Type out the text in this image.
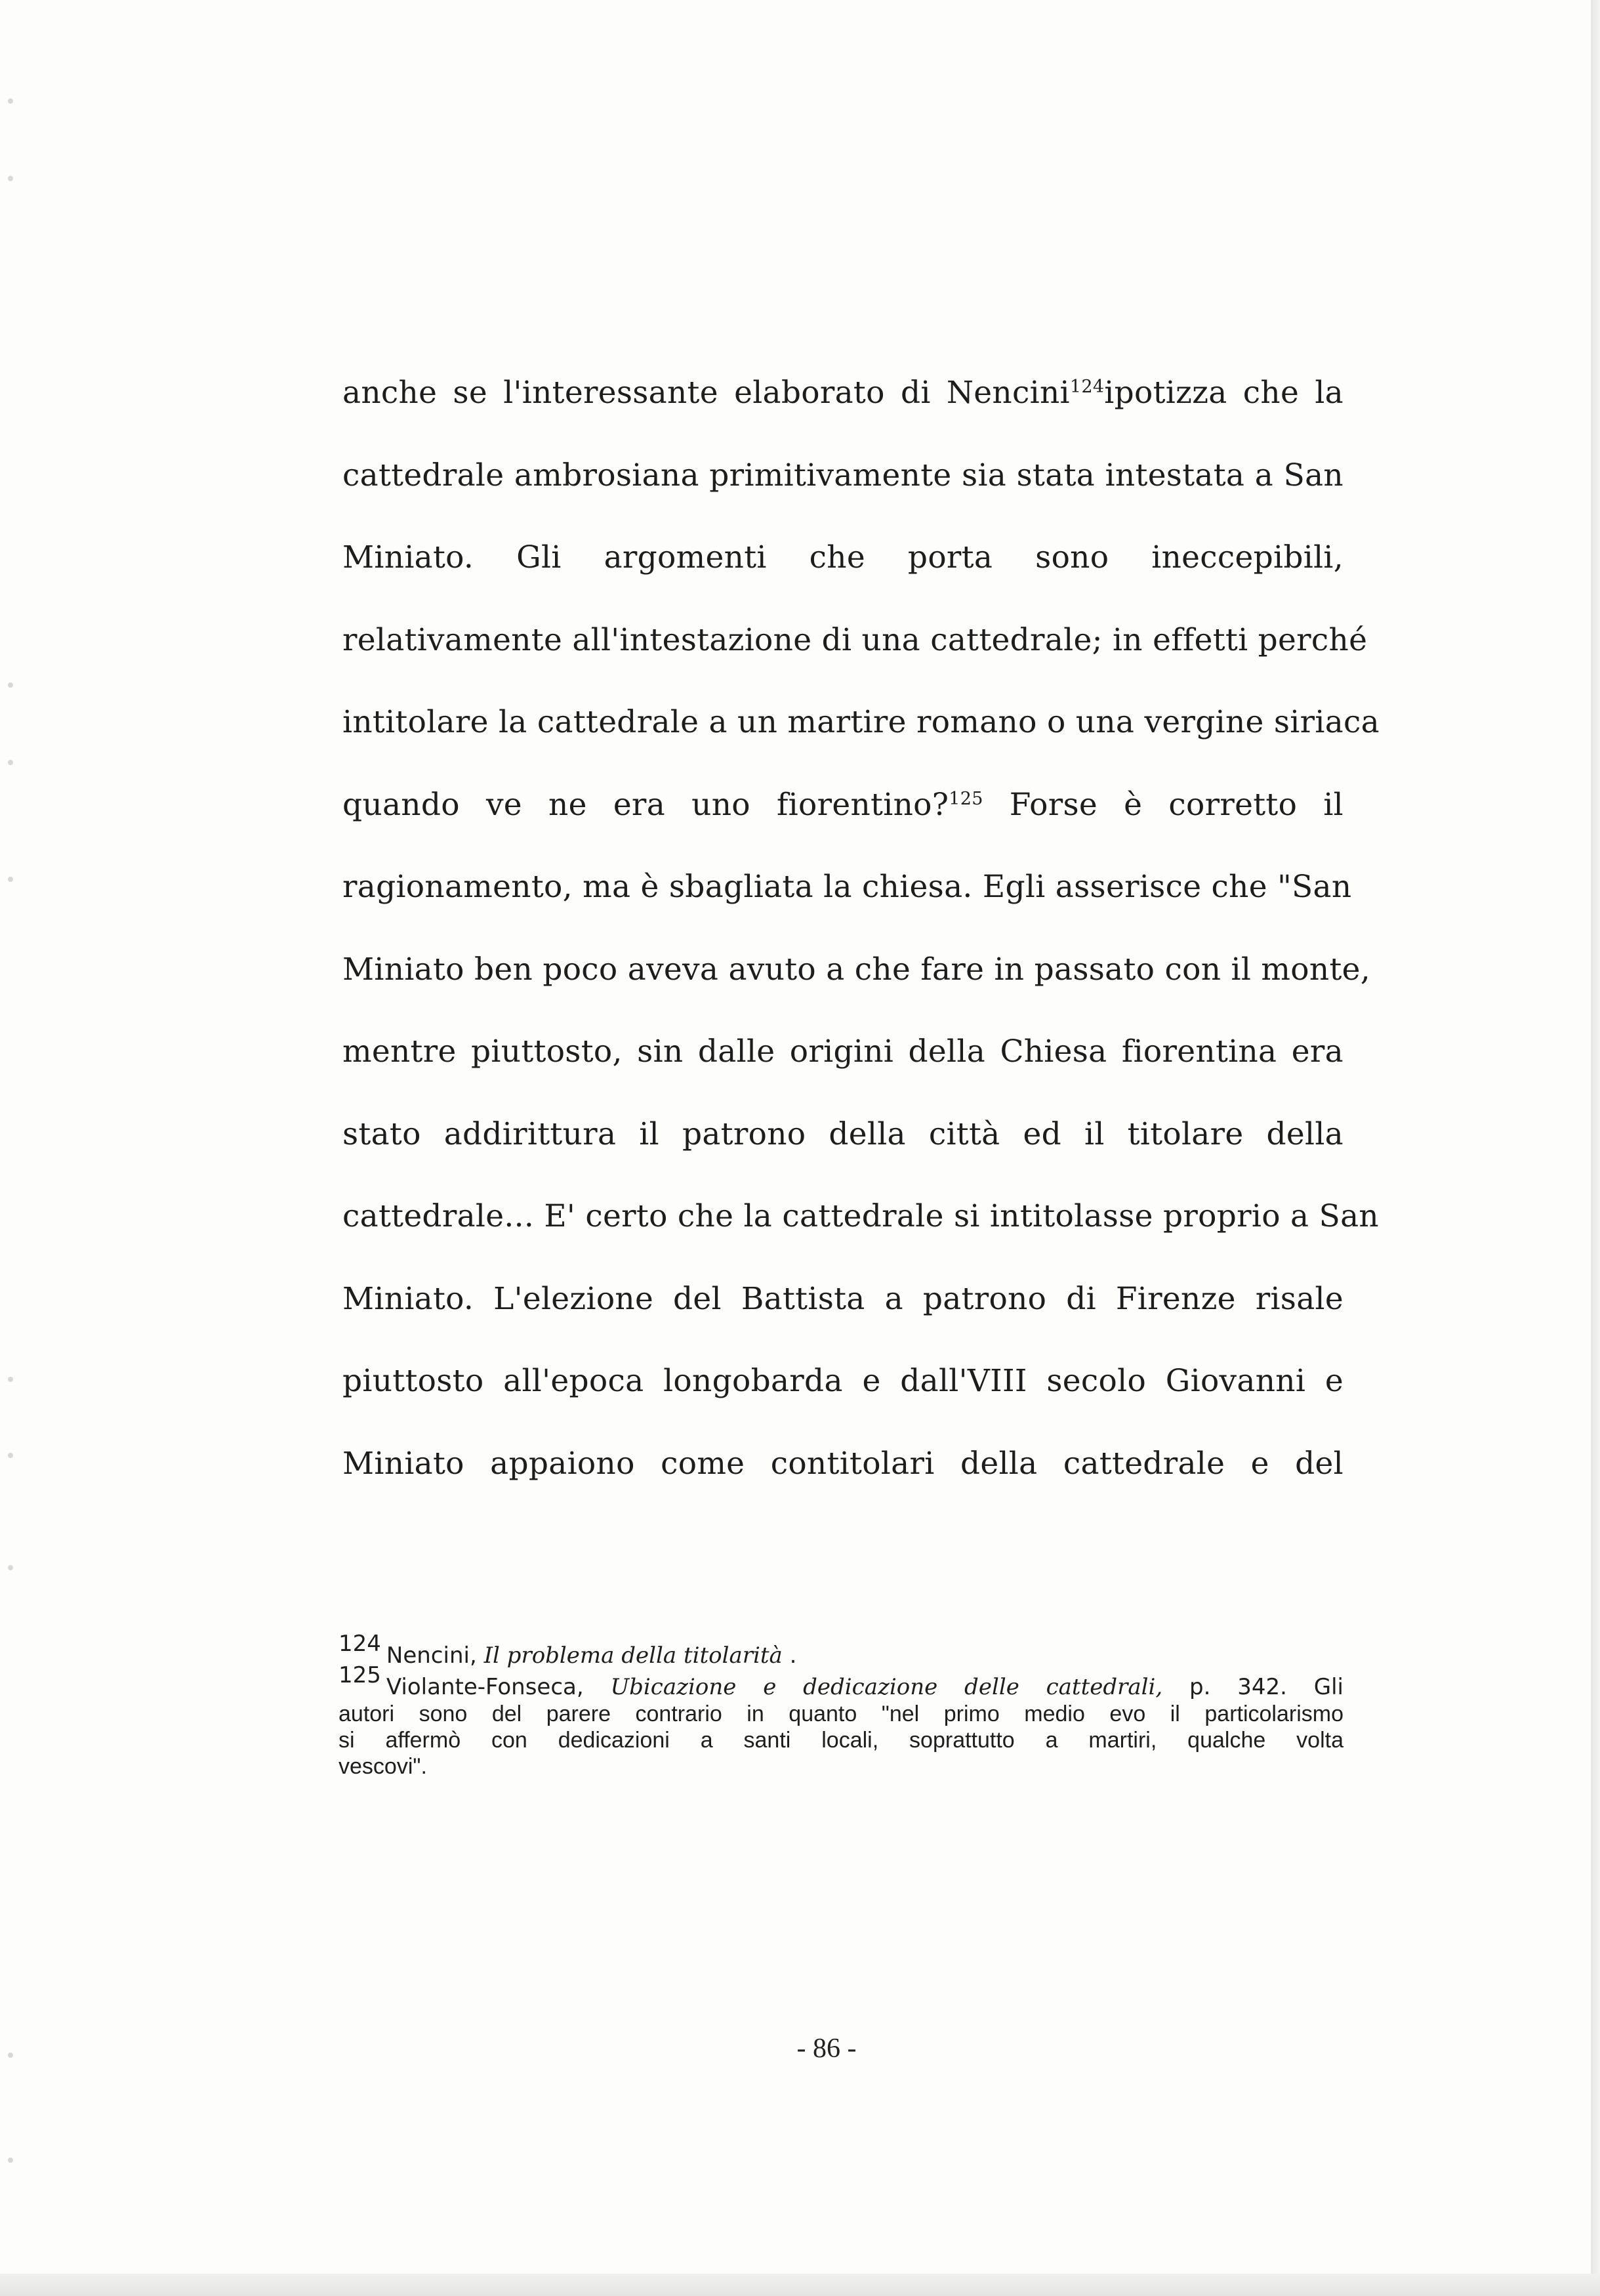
anche se l'interessante elaborato di Nencini$^{124}$ipotizza che la
cattedrale ambrosiana primitivamente sia stata intestata a San
Miniato. Gli argomenti che porta sono ineccepibili,
relativamente all'intestazione di una cattedrale; in effetti perché
intitolare la cattedrale a un martire romano o una vergine siriaca
quando ve ne era uno fiorentino?$^{125}$ Forse è corretto il
ragionamento, ma è sbagliata la chiesa. Egli asserisce che "San
Miniato ben poco aveva avuto a che fare in passato con il monte,
mentre piuttosto, sin dalle origini della Chiesa fiorentina era
stato addirittura il patrono della città ed il titolare della
cattedrale... E' certo che la cattedrale si intitolasse proprio a San
Miniato. L'elezione del Battista a patrono di Firenze risale
piuttosto all'epoca longobarda e dall'VIII secolo Giovanni e
Miniato appaiono come contitolari della cattedrale e del
124 Nencini, Il problema della titolarità .
125 Violante-Fonseca, Ubicazione e dedicazione delle cattedrali, p. 342. Gli
autori sono del parere contrario in quanto "nel primo medio evo il particolarismo
si affermò con dedicazioni a santi locali, soprattutto a martiri, qualche volta
vescovi".
- 86 -
